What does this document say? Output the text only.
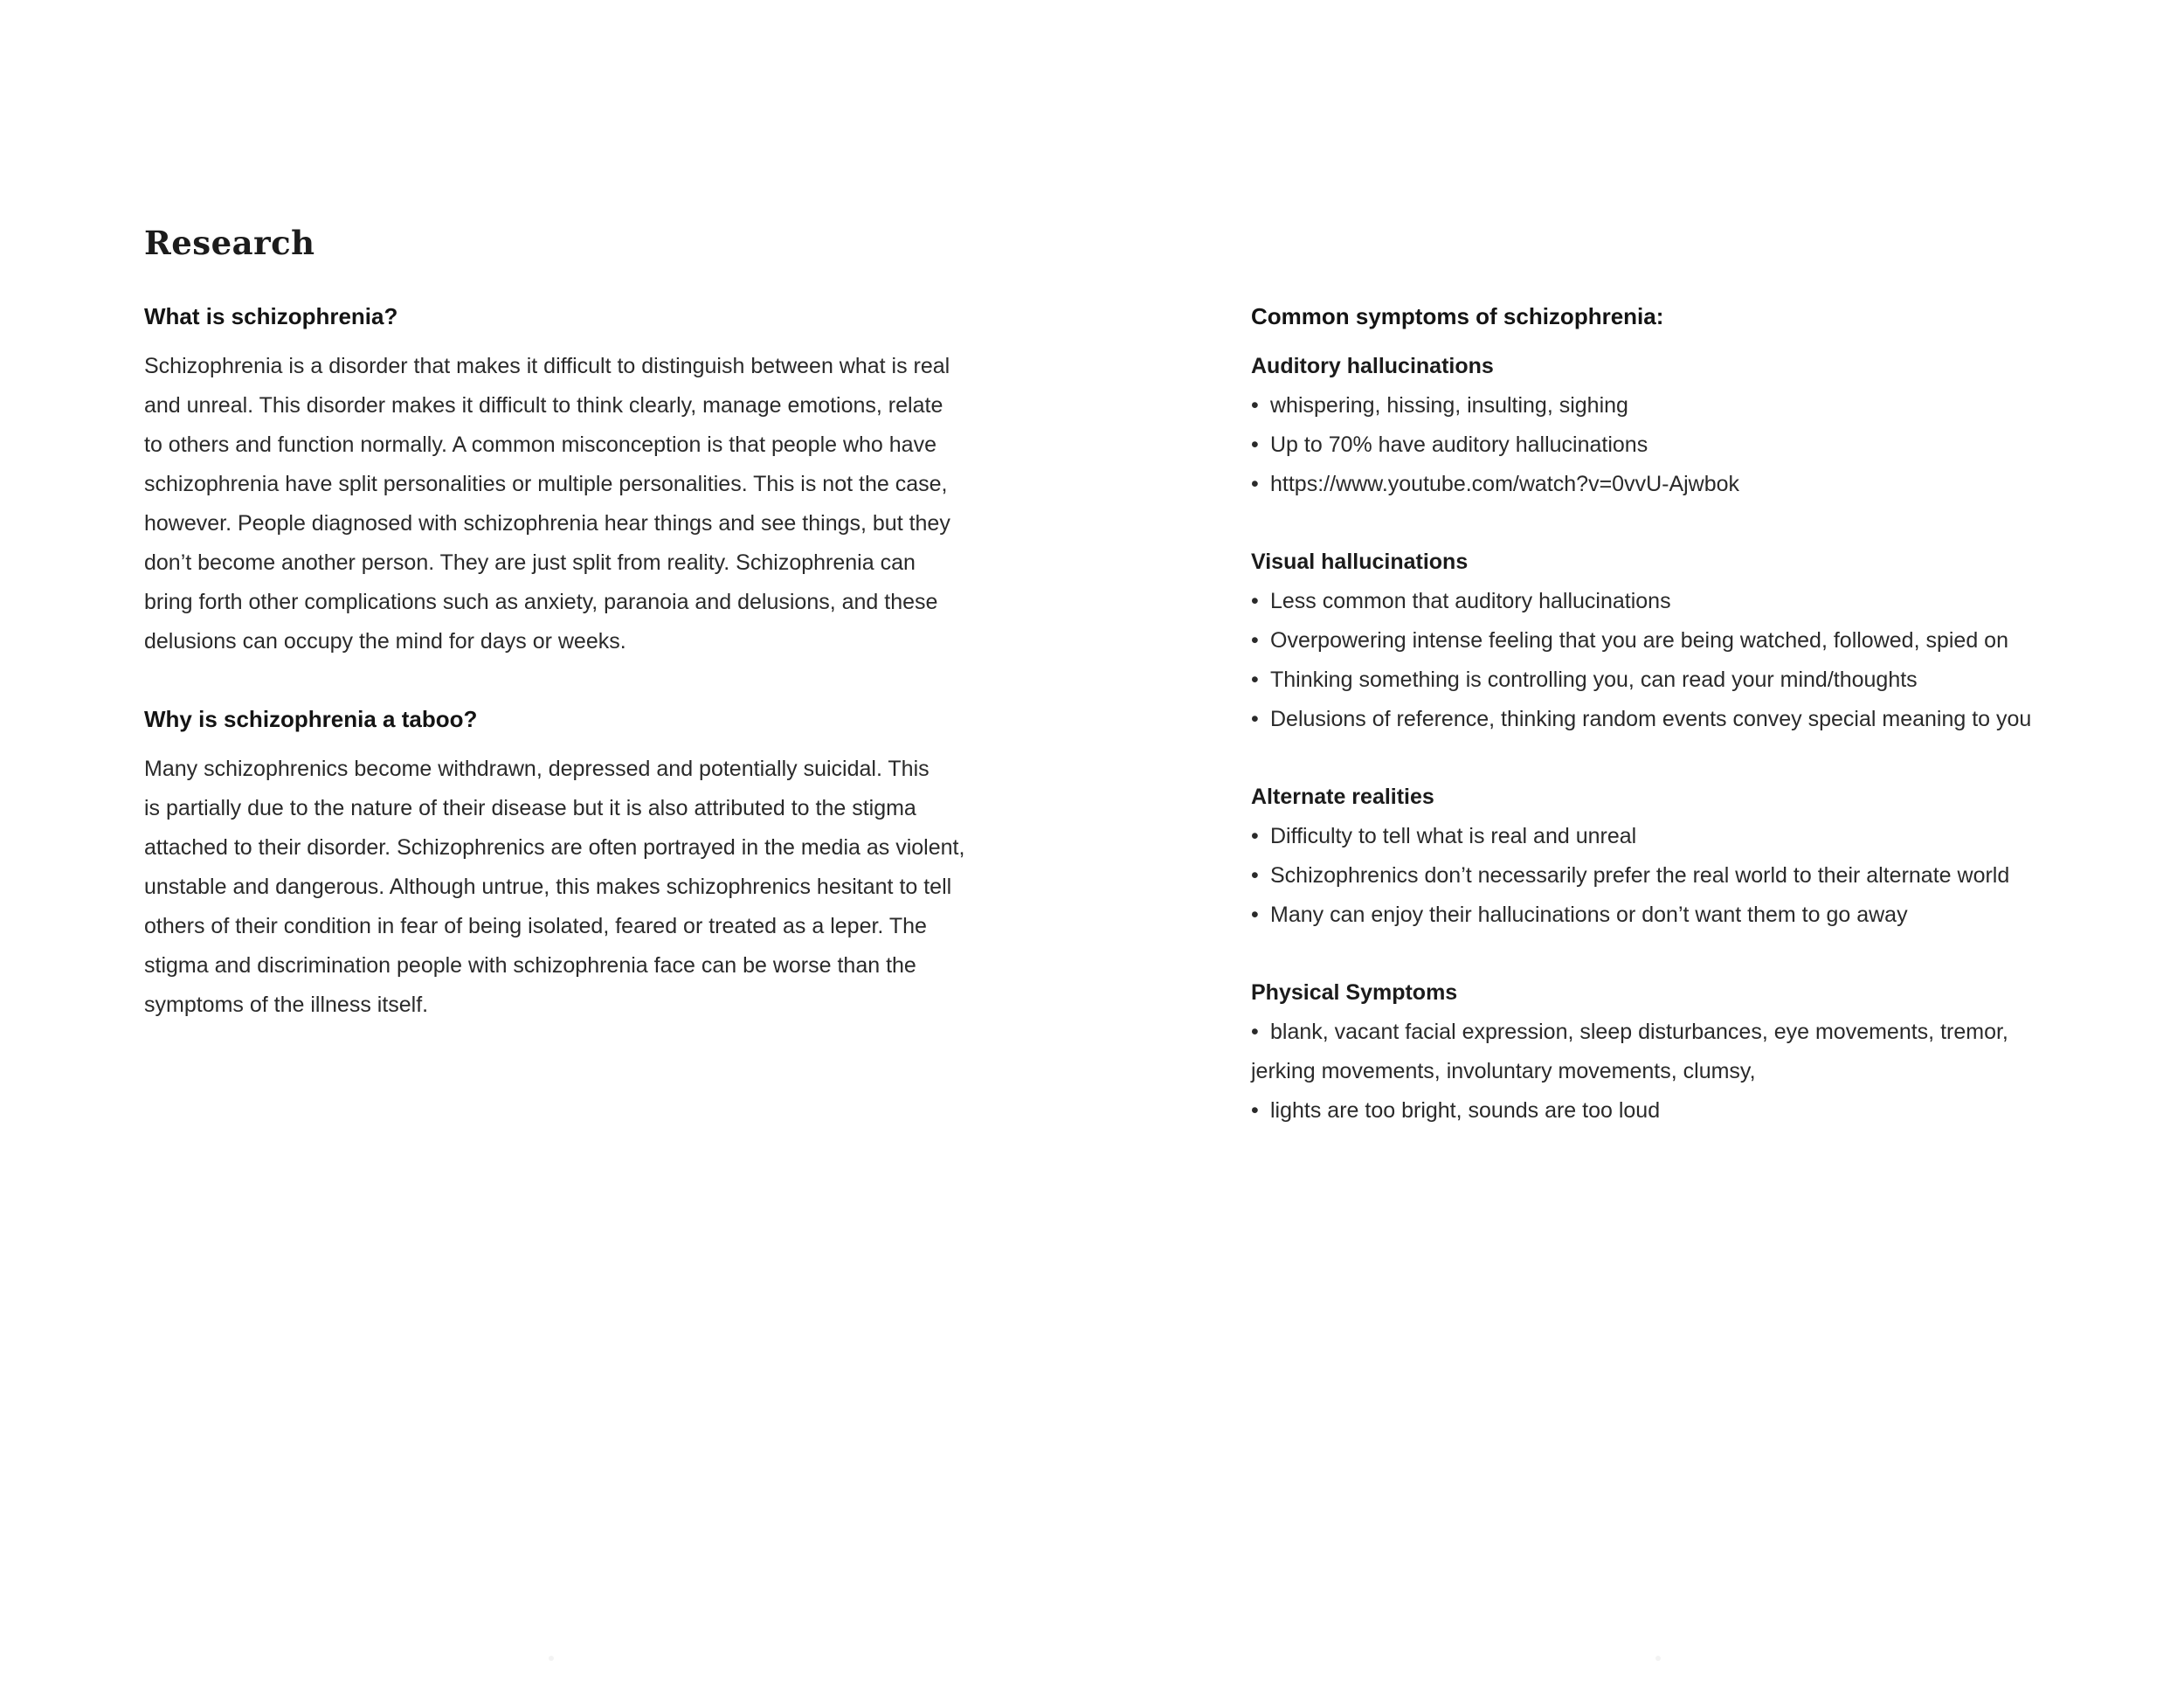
Research
What is schizophrenia?

Schizophrenia is a disorder that makes it difficult to distinguish between what is real
and unreal. This disorder makes it difficult to think clearly, manage emotions, relate
to others and function normally. A common misconception is that people who have
schizophrenia have split personalities or multiple personalities. This is not the case,
however. People diagnosed with schizophrenia hear things and see things, but they
don’t become another person. They are just split from reality. Schizophrenia can
bring forth other complications such as anxiety, paranoia and delusions, and these
delusions can occupy the mind for days or weeks.

Why is schizophrenia a taboo?

Many schizophrenics become withdrawn, depressed and potentially suicidal. This
is partially due to the nature of their disease but it is also attributed to the stigma
attached to their disorder. Schizophrenics are often portrayed in the media as violent,
unstable and dangerous. Although untrue, this makes schizophrenics hesitant to tell
others of their condition in fear of being isolated, feared or treated as a leper. The
stigma and discrimination people with schizophrenia face can be worse than the
symptoms of the illness itself.

Common symptoms of schizophrenia:
Auditory hallucinations
• whispering, hissing, insulting, sighing
• Up to 70% have auditory hallucinations
• https://www.youtube.com/watch?v=0vvU-Ajwbok
Visual hallucinations
• Less common that auditory hallucinations
• Overpowering intense feeling that you are being watched, followed, spied on
• Thinking something is controlling you, can read your mind/thoughts
• Delusions of reference, thinking random events convey special meaning to you
Alternate realities
• Difficulty to tell what is real and unreal
• Schizophrenics don’t necessarily prefer the real world to their alternate world
• Many can enjoy their hallucinations or don’t want them to go away
Physical Symptoms
• blank, vacant facial expression, sleep disturbances, eye movements, tremor,
jerking movements, involuntary movements, clumsy,
• lights are too bright, sounds are too loud
